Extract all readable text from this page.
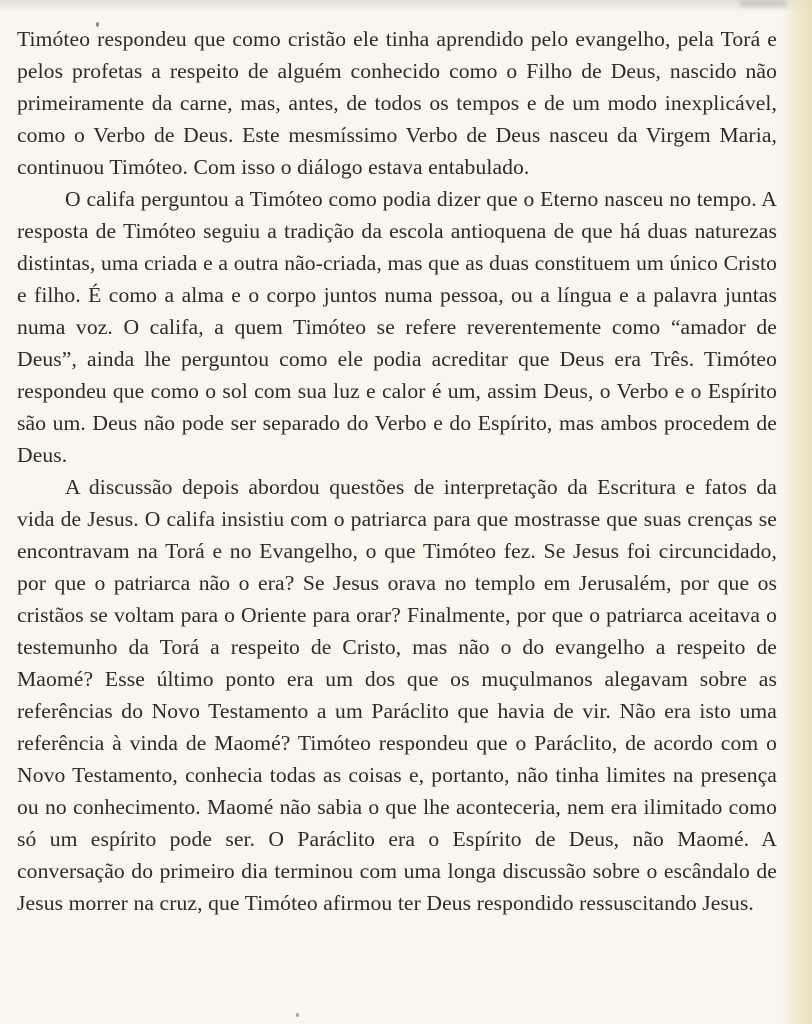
Timóteo respondeu que como cristão ele tinha aprendido pelo evangelho, pela Torá e pelos profetas a respeito de alguém conhecido como o Filho de Deus, nascido não primeiramente da carne, mas, antes, de todos os tempos e de um modo inexplicável, como o Verbo de Deus. Este mesmíssimo Verbo de Deus nasceu da Virgem Maria, continuou Timóteo. Com isso o diálogo estava entabulado.

O califa perguntou a Timóteo como podia dizer que o Eterno nasceu no tempo. A resposta de Timóteo seguiu a tradição da escola antioquena de que há duas naturezas distintas, uma criada e a outra não-criada, mas que as duas constituem um único Cristo e filho. É como a alma e o corpo juntos numa pessoa, ou a língua e a palavra juntas numa voz. O califa, a quem Timóteo se refere reverentemente como “amador de Deus”, ainda lhe perguntou como ele podia acreditar que Deus era Três. Timóteo respondeu que como o sol com sua luz e calor é um, assim Deus, o Verbo e o Espírito são um. Deus não pode ser separado do Verbo e do Espírito, mas ambos procedem de Deus.

A discussão depois abordou questões de interpretação da Escritura e fatos da vida de Jesus. O califa insistiu com o patriarca para que mostrasse que suas crenças se encontravam na Torá e no Evangelho, o que Timóteo fez. Se Jesus foi circuncidado, por que o patriarca não o era? Se Jesus orava no templo em Jerusalém, por que os cristãos se voltam para o Oriente para orar? Finalmente, por que o patriarca aceitava o testemunho da Torá a respeito de Cristo, mas não o do evangelho a respeito de Maomé? Esse último ponto era um dos que os muçulmanos alegavam sobre as referências do Novo Testamento a um Paráclito que havia de vir. Não era isto uma referência à vinda de Maomé? Timóteo respondeu que o Paráclito, de acordo com o Novo Testamento, conhecia todas as coisas e, portanto, não tinha limites na presença ou no conhecimento. Maomé não sabia o que lhe aconteceria, nem era ilimitado como só um espírito pode ser. O Paráclito era o Espírito de Deus, não Maomé. A conversação do primeiro dia terminou com uma longa discussão sobre o escândalo de Jesus morrer na cruz, que Timóteo afirmou ter Deus respondido ressuscitando Jesus.
